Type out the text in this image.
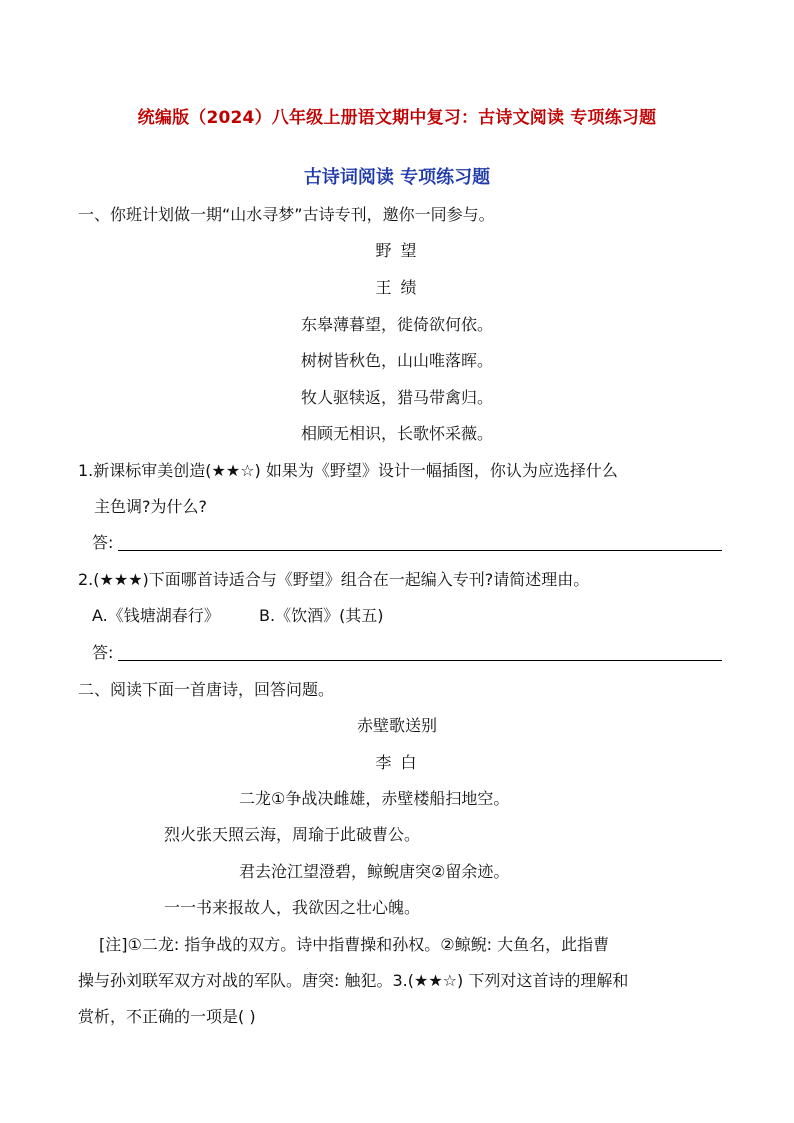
统编版（2024）八年级上册语文期中复习：古诗文阅读 专项练习题
古诗词阅读 专项练习题
一、你班计划做一期“山水寻梦”古诗专刊，邀你一同参与。
野 望
王 绩
东皋薄暮望，徙倚欲何依。
树树皆秋色，山山唯落晖。
牧人驱犊返，猎马带禽归。
相顾无相识，长歌怀采薇。
1.新课标审美创造(★★☆) 如果为《野望》设计一幅插图，你认为应选择什么
主色调?为什么?
答:
2.(★★★)下面哪首诗适合与《野望》组合在一起编入专刊?请简述理由。
A.《钱塘湖春行》 B.《饮酒》(其五)
答:
二、阅读下面一首唐诗，回答问题。
赤壁歌送别
李 白
二龙①争战决雌雄，赤壁楼船扫地空。
烈火张天照云海，周瑜于此破曹公。
君去沧江望澄碧，鲸鲵唐突②留余迹。
一一书来报故人，我欲因之壮心魄。
[注]①二龙: 指争战的双方。诗中指曹操和孙权。②鲸鲵: 大鱼名，此指曹
操与孙刘联军双方对战的军队。唐突: 触犯。3.(★★☆) 下列对这首诗的理解和
赏析，不正确的一项是( )
